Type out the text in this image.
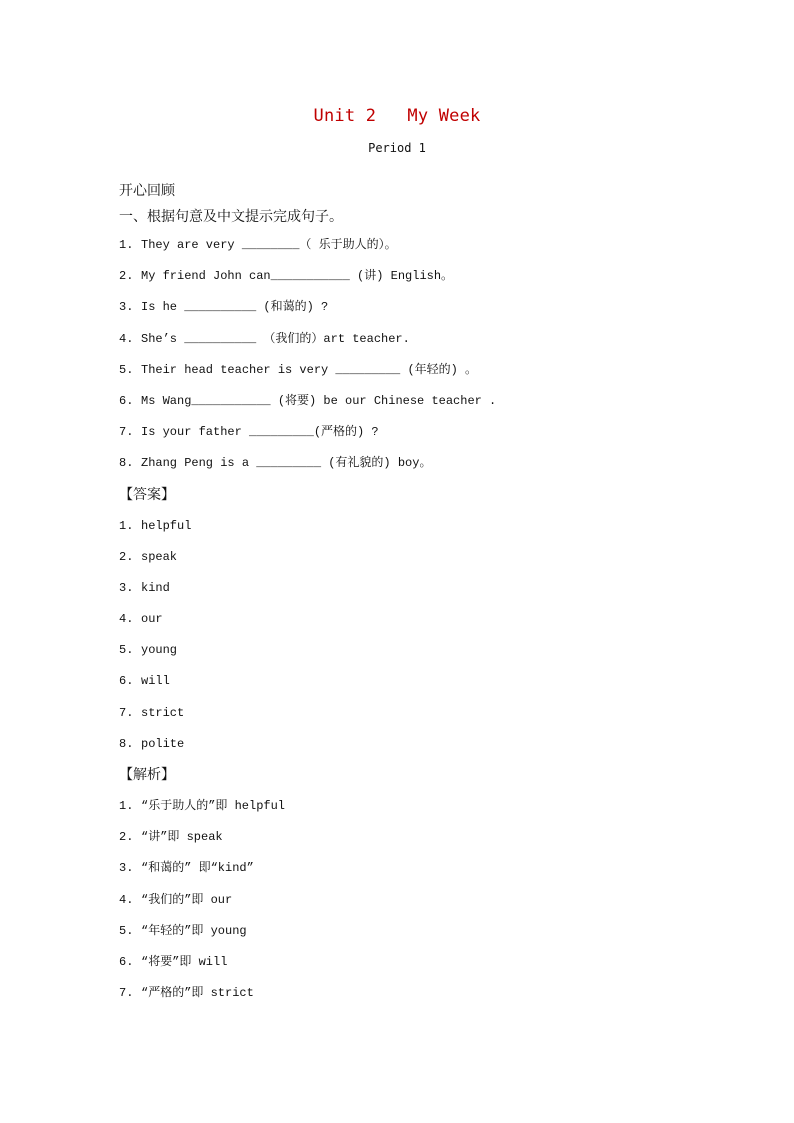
Unit 2   My Week
Period 1
开心回顾
一、根据句意及中文提示完成句子。
1. They are very ________（ 乐于助人的）。
2. My friend John can___________ (讲) English。
3. Is he __________ (和蔼的) ?
4. She’s __________ （我们的）art teacher.
5. Their head teacher is very _________ (年轻的) 。
6. Ms Wang___________ (将要) be our Chinese teacher .
7. Is your father _________(严格的) ?
8. Zhang Peng is a _________ (有礼貌的) boy。
【答案】
1. helpful
2. speak
3. kind
4. our
5. young
6. will
7. strict
8. polite
【解析】
1. “乐于助人的”即 helpful
2. “讲”即 speak
3. “和蔼的” 即“kind”
4. “我们的”即 our
5. “年轻的”即 young
6. “将要”即 will
7. “严格的”即 strict
